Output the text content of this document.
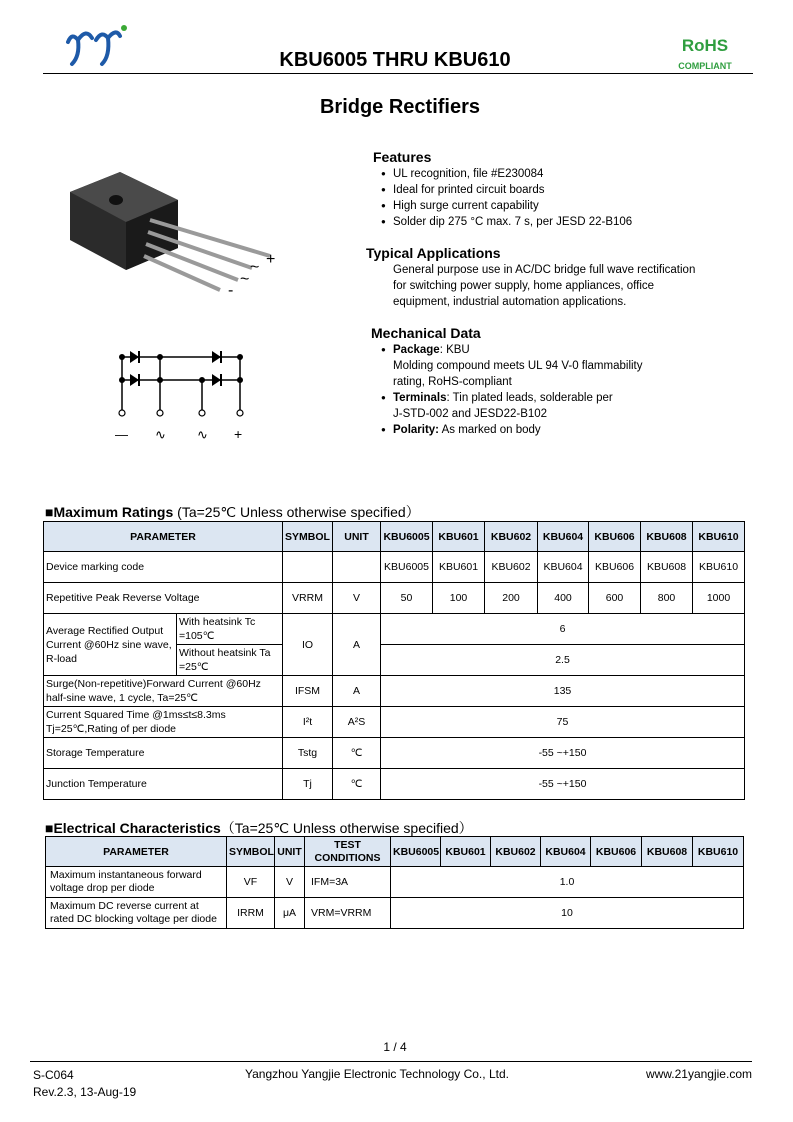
KBU6005 THRU KBU610
RoHS
COMPLIANT
Bridge Rectifiers
+
~
~
-
— ∿ ∿ +
Features
● UL recognition, file #E230084
● Ideal for printed circuit boards
● High surge current capability
● Solder dip 275 °C max. 7 s, per JESD 22-B106
Typical Applications
General purpose use in AC/DC bridge full wave rectification
for switching power supply, home appliances, office
equipment, industrial automation applications.
Mechanical Data
● Package: KBU
Molding compound meets UL 94 V-0 flammability
rating, RoHS-compliant
● Terminals: Tin plated leads, solderable per
J-STD-002 and JESD22-B102
● Polarity: As marked on body
■Maximum Ratings (Ta=25℃ Unless otherwise specified）
PARAMETER		SYMBOL	UNIT	KBU6005	KBU601	KBU602	KBU604	KBU606	KBU608	KBU610
Device marking code				KBU6005	KBU601	KBU602	KBU604	KBU606	KBU608	KBU610
Repetitive Peak Reverse Voltage		VRRM	V	50	100	200	400	600	800	1000
Average Rectified Output Current @60Hz sine wave, R-load	With heatsink Tc =105℃	IO	A	6						
	Without heatsink Ta =25℃			2.5						
Surge(Non-repetitive)Forward Current @60Hz half-sine wave, 1 cycle, Ta=25℃		IFSM	A	135						

Current Squared Time @1ms≤t≤8.3ms
Tj=25℃,Rating of per diode		I²t	A²S	75						
Storage Temperature		Tstg	℃	-55 ~+150						
Junction Temperature		Tj	℃	-55 ~+150						
■Electrical Characteristics（Ta=25℃ Unless otherwise specified）
PARAMETER	SYMBOL	UNIT	TEST CONDITIONS	KBU6005	KBU601	KBU602	KBU604	KBU606	KBU608	KBU610
Maximum instantaneous forward voltage drop per diode	VF	V	IFM=3A	1.0						
Maximum DC reverse current at rated DC blocking voltage per diode	IRRM	μA	VRM=VRRM	10						
1 / 4
S-C064
Rev.2.3, 13-Aug-19
Yangzhou Yangjie Electronic Technology Co., Ltd.	www.21yangjie.com
